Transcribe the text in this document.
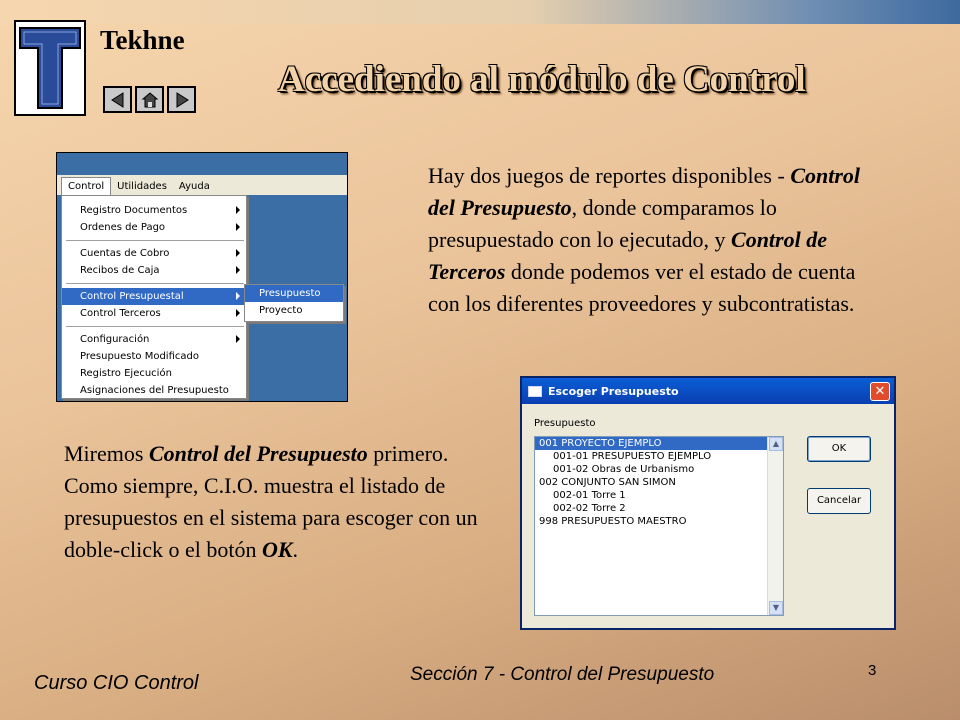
Tekhne
Accediendo al módulo de Control
Control	Utilidades	Ayuda
Registro Documentos
Ordenes de Pago
Cuentas de Cobro
Recibos de Caja
Control Presupuestal
Control Terceros
Configuración
Presupuesto Modificado
Registro Ejecución
Asignaciones del Presupuesto
Presupuesto
Proyecto

Hay dos juegos de reportes disponibles - Control del Presupuesto, donde comparamos lo presupuestado con lo ejecutado, y Control de Terceros donde podemos ver el estado de cuenta con los diferentes proveedores y subcontratistas.

Miremos Control del Presupuesto primero. Como siempre, C.I.O. muestra el listado de presupuestos en el sistema para escoger con un doble-click o el botón OK.

Escoger Presupuesto	✕
Presupuesto
001 PROYECTO EJEMPLO
001-01 PRESUPUESTO EJEMPLO
001-02 Obras de Urbanismo
002 CONJUNTO SAN SIMON
002-01 Torre 1
002-02 Torre 2
998 PRESUPUESTO MAESTRO
▲
▼
OK
Cancelar
Curso CIO Control	Sección 7 - Control del Presupuesto	3
